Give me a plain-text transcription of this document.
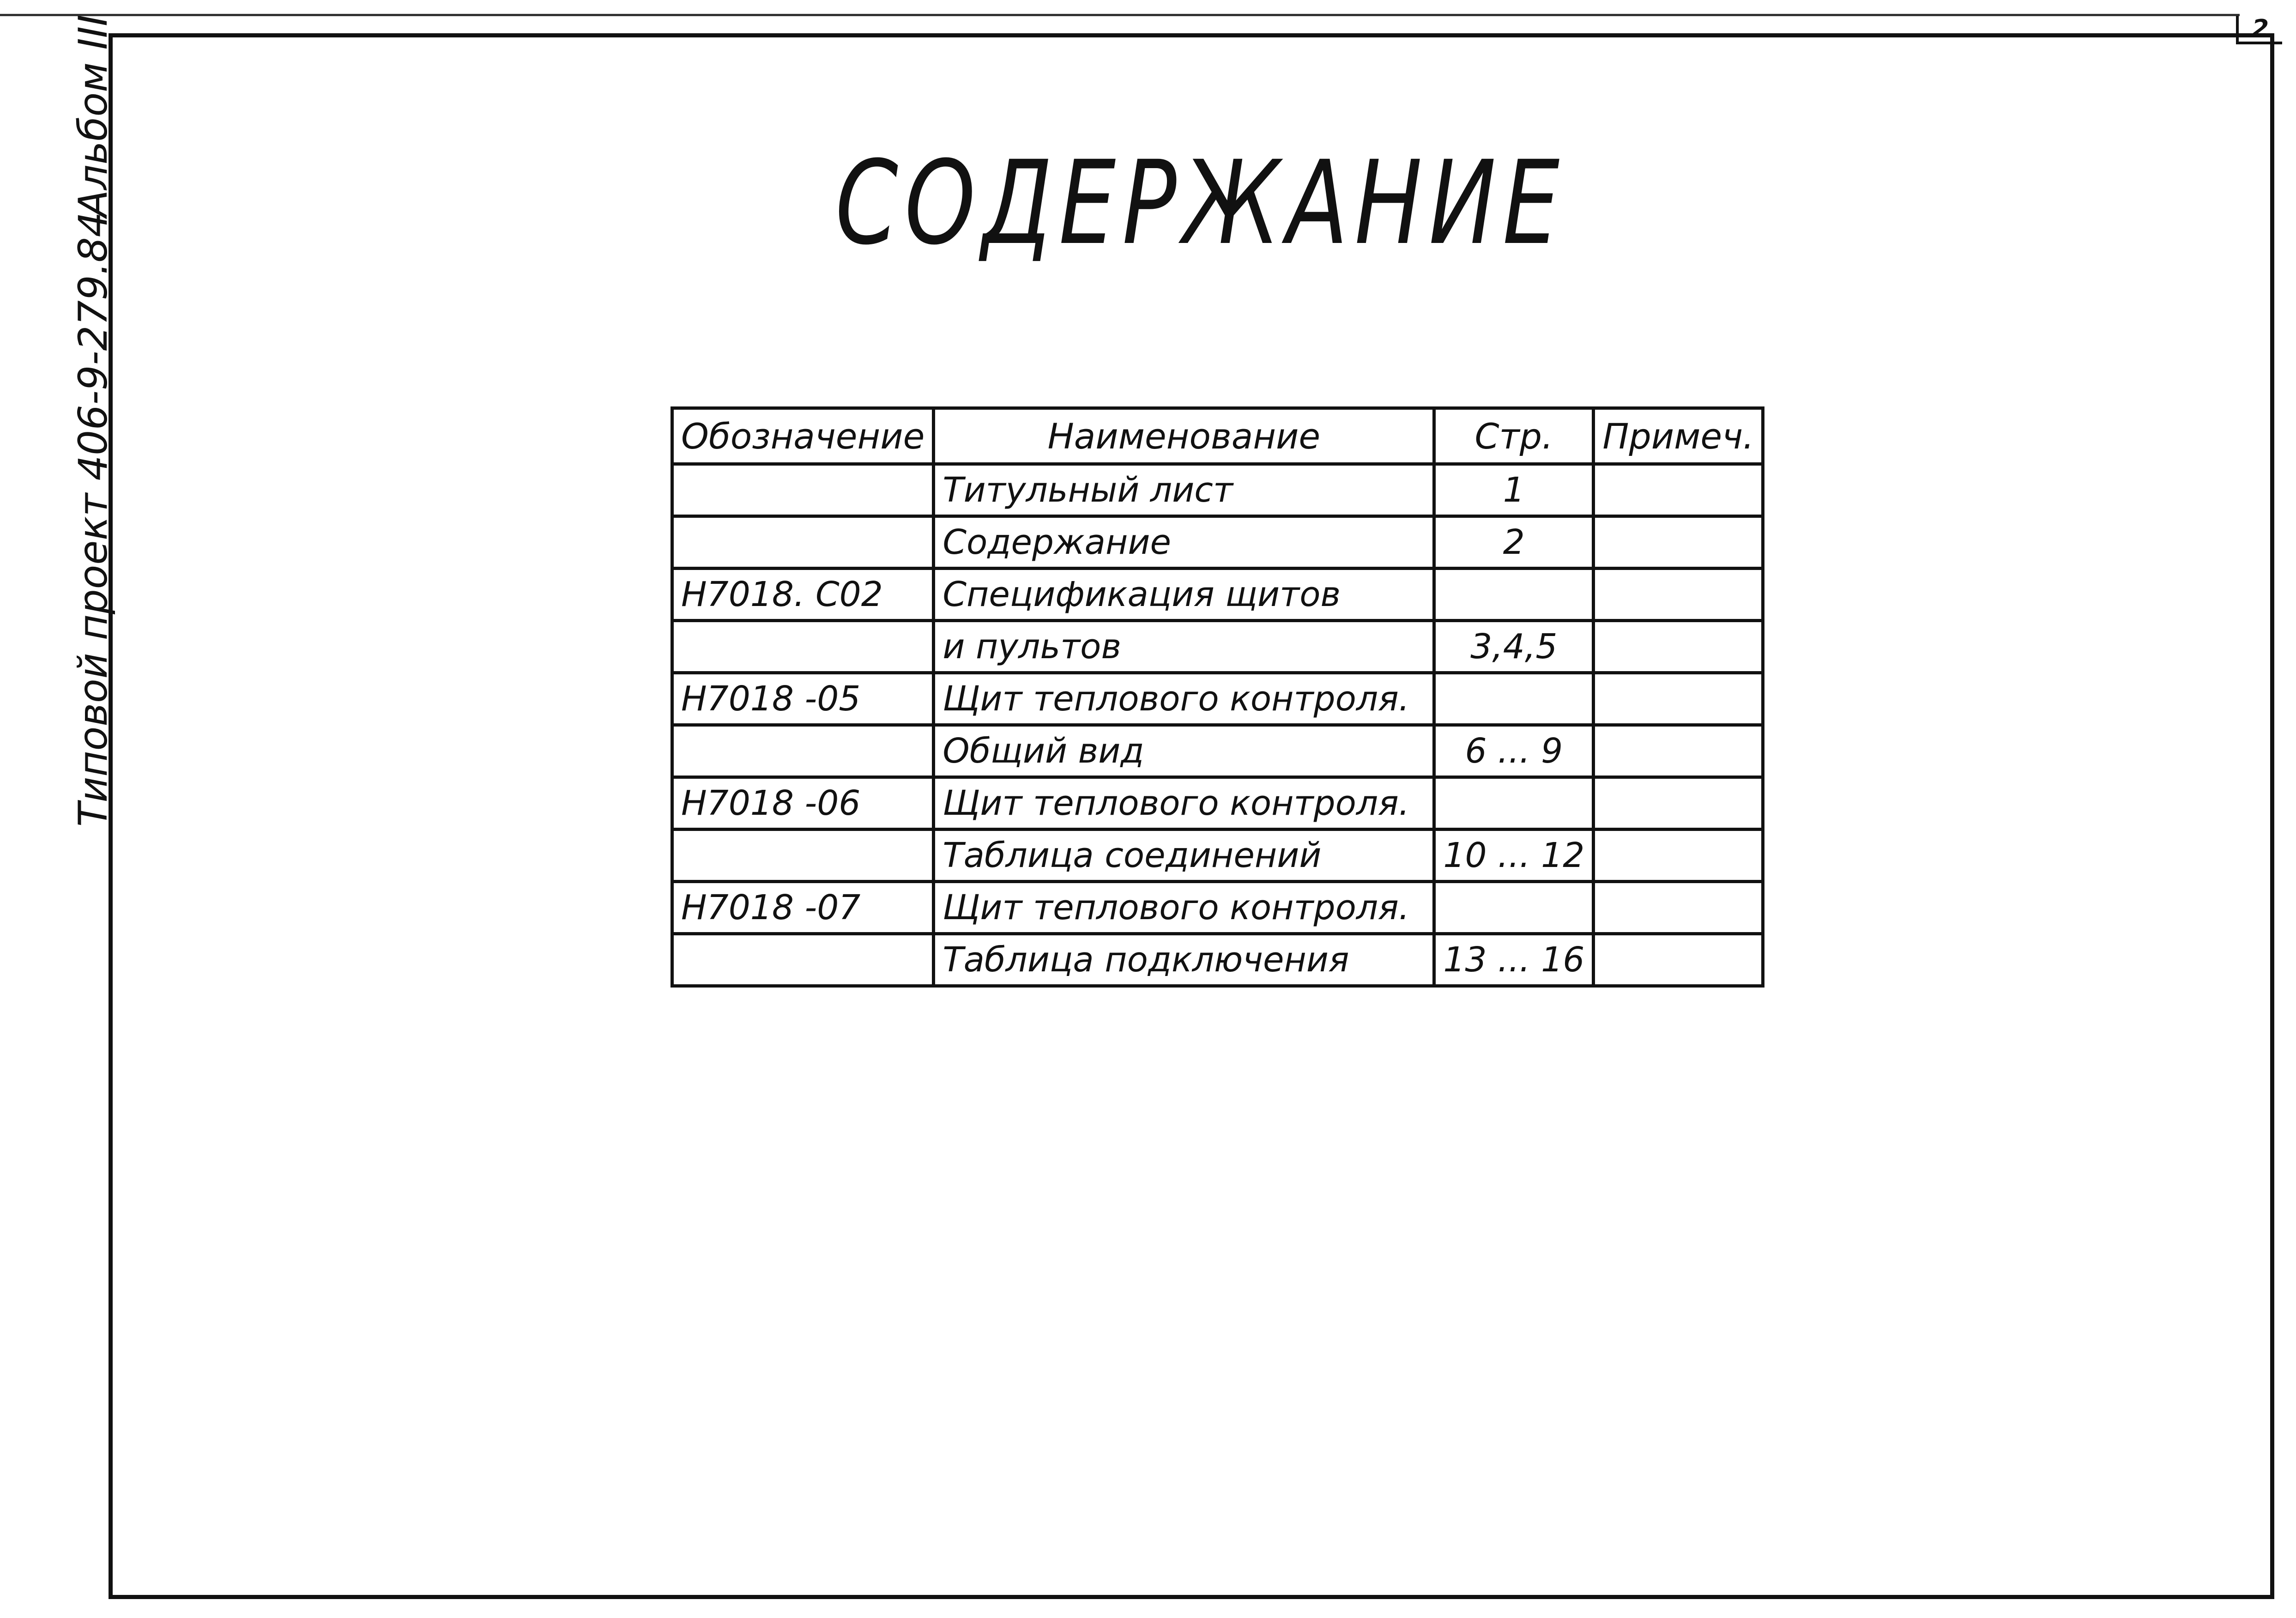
2
Альбом III
Типовой проект 406-9-279.84
СОДЕРЖАНИЕ
Обозначение	Наименование	Стр.	Примеч.
	Титульный лист	1	
	Содержание	2	
Н7018. С02	Спецификация щитов		
	и пультов	3,4,5	
Н7018 -05	Щит теплового контроля.		
	Общий вид	6 ... 9	
Н7018 -06	Щит теплового контроля.		
	Таблица соединений	10 ... 12	
Н7018 -07	Щит теплового контроля.		
	Таблица подключения	13 ... 16	
